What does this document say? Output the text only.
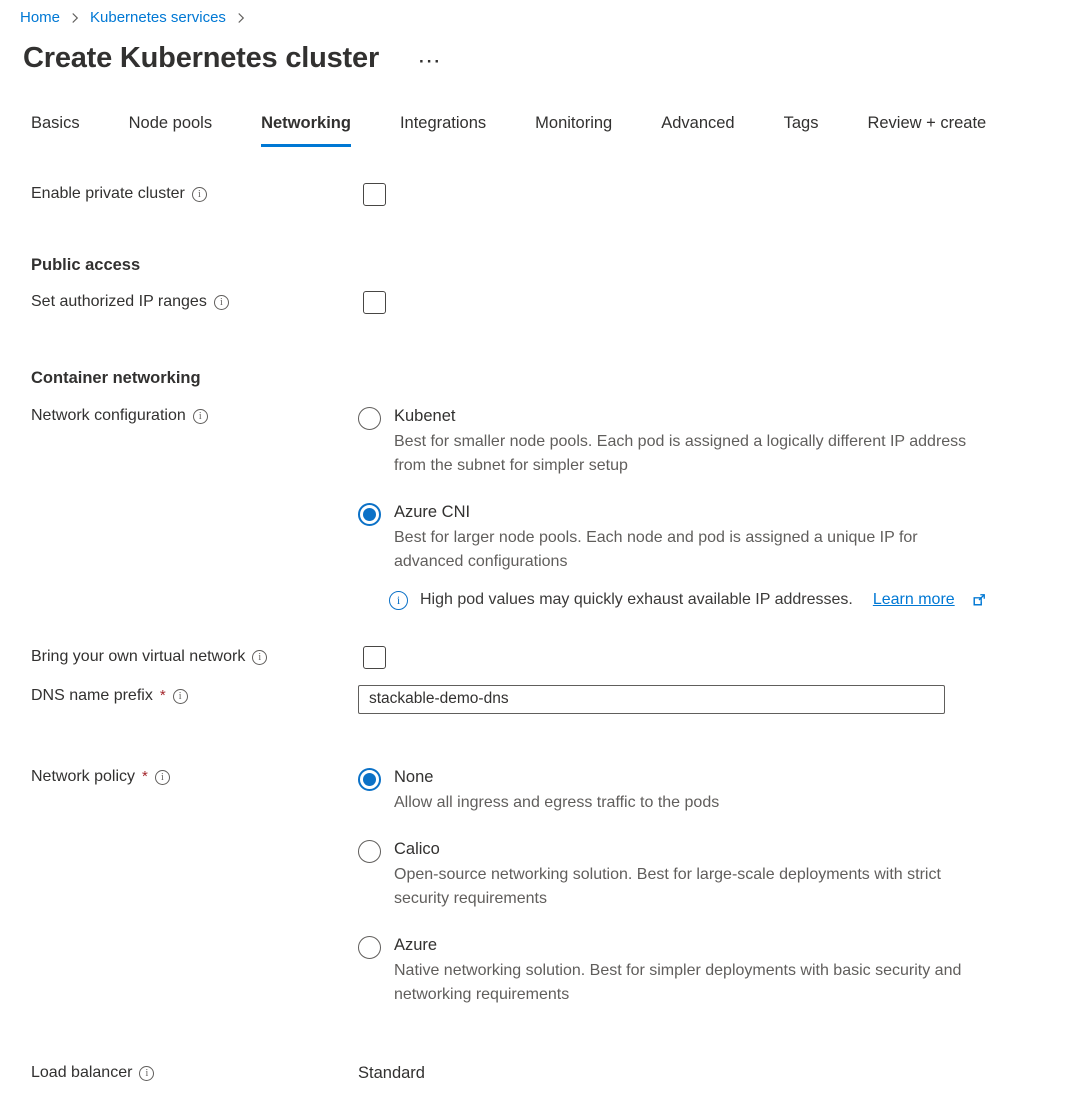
Home Kubernetes services
Create Kubernetes cluster ···
Basics	Node pools	Networking	Integrations	Monitoring	Advanced	Tags	Review + create
Enable private cluster
i
Public access
Set authorized IP ranges
i
Container networking
Network configuration i	Kubenet
Best for smaller node pools. Each pod is assigned a logically different IP address from the subnet for simpler setup
Azure CNI
Best for larger node pools. Each node and pod is assigned a unique IP for advanced configurations
i
High pod values may quickly exhaust available IP addresses. Learn more
Bring your own virtual network
i
DNS name prefix *
i
stackable-demo-dns
Network policy * i	None
Allow all ingress and egress traffic to the pods
Calico
Open-source networking solution. Best for large-scale deployments with strict security requirements
Azure
Native networking solution. Best for simpler deployments with basic security and networking requirements
Load balancer i	Standard
